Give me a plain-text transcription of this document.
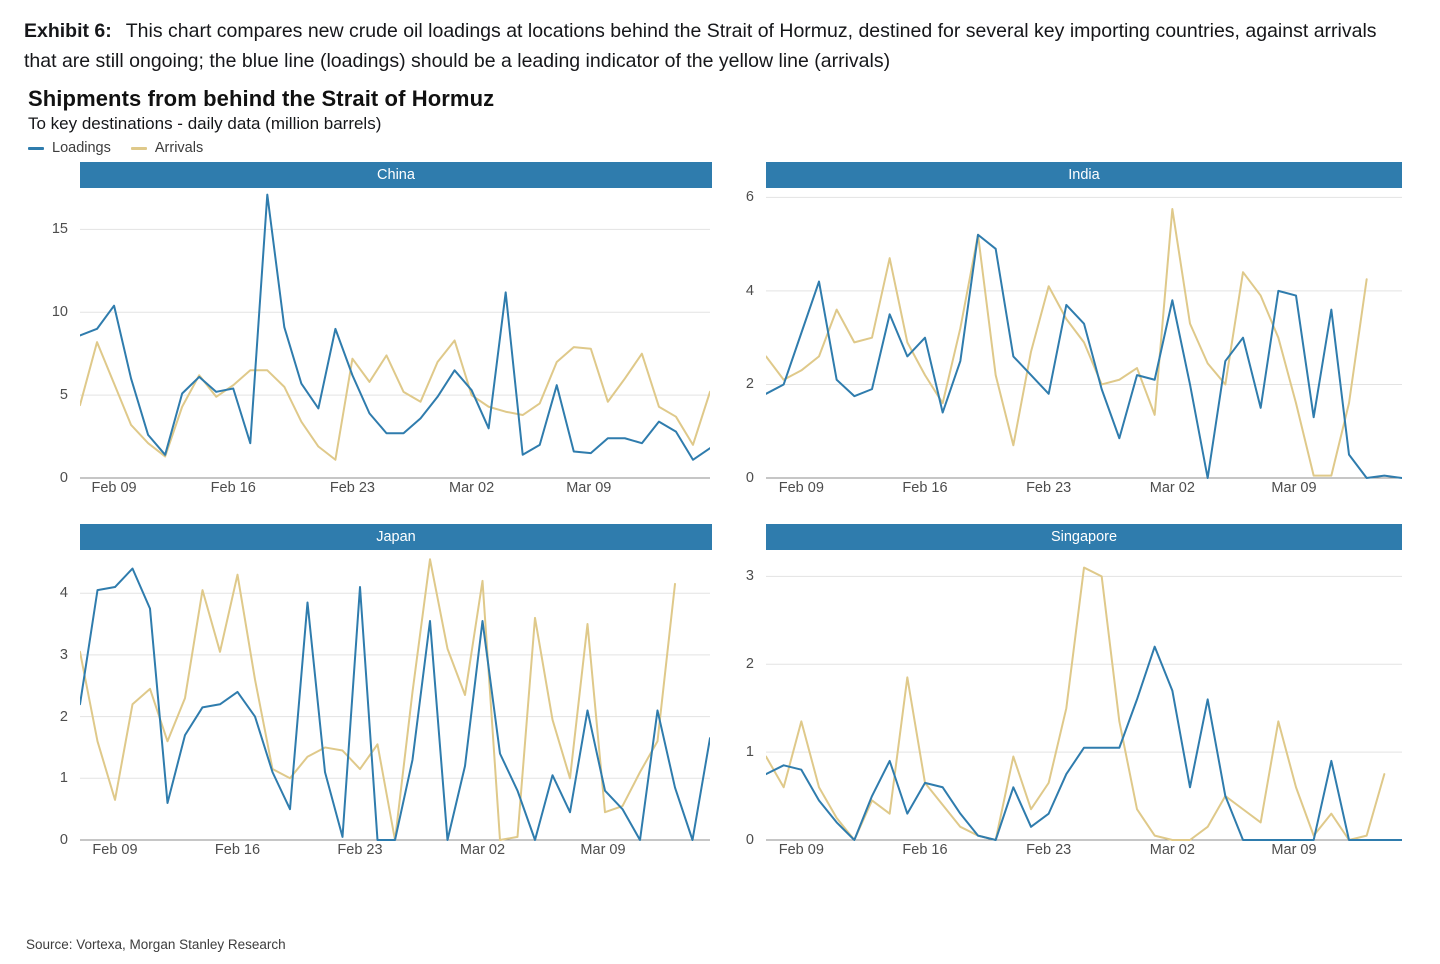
Exhibit 6: This chart compares new crude oil loadings at locations behind the Strait of Hormuz, destined for several key importing countries, against arrivals that are still ongoing; the blue line (loadings) should be a leading indicator of the yellow line (arrivals)
Shipments from behind the Strait of Hormuz
To key destinations - daily data (million barrels)
Loadings	Arrivals
China
0
5
10
15
Feb 09	Feb 16	Feb 23	Mar 02	Mar 09
India
0
2
4
6
Feb 09	Feb 16	Feb 23	Mar 02	Mar 09
Japan
0
1
2
3
4
Feb 09	Feb 16	Feb 23	Mar 02	Mar 09
Singapore
0
1
2
3
Feb 09	Feb 16	Feb 23	Mar 02	Mar 09
Source: Vortexa, Morgan Stanley Research
